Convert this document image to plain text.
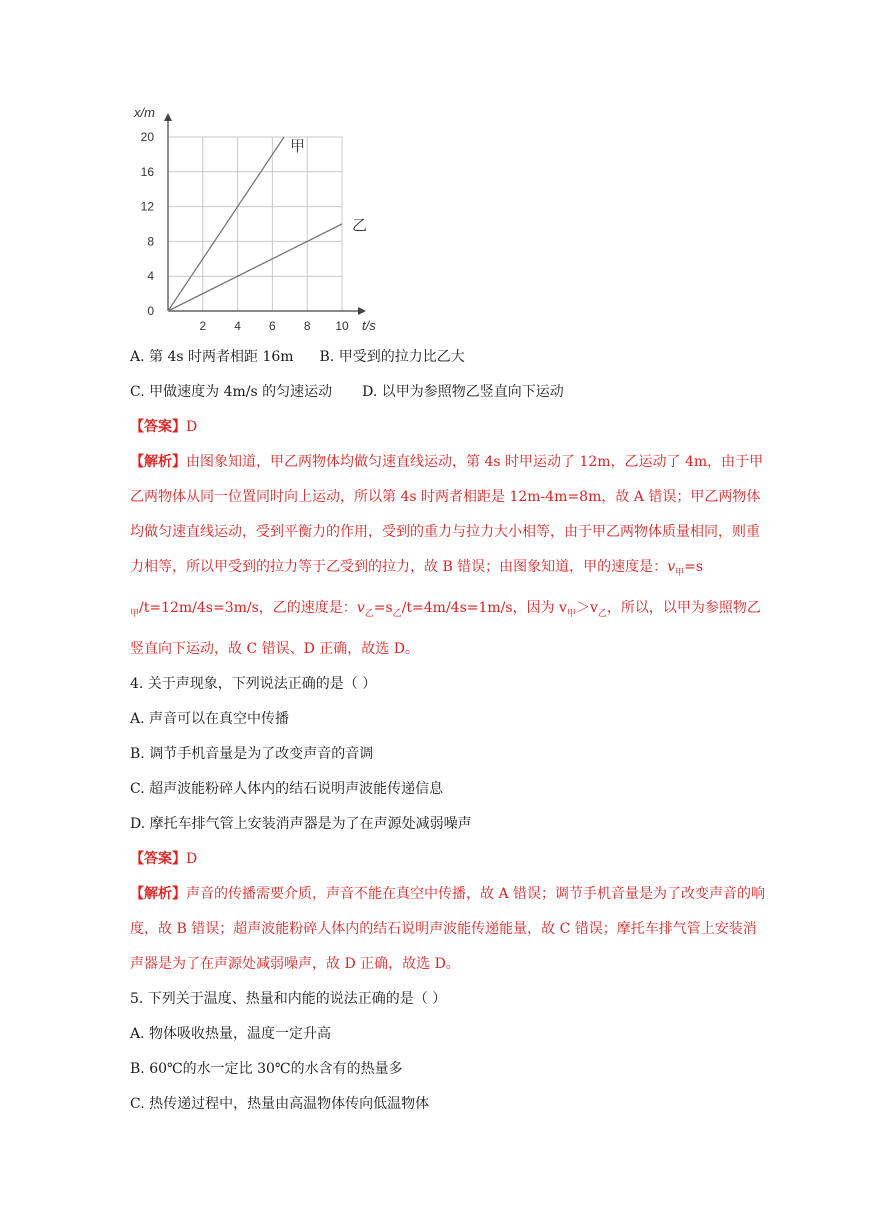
0
4
8
12
16
20
2 4 6 8 10
甲
乙
t/s
x/m
A. 第 4s 时两者相距 16m B. 甲受到的拉力比乙大
C. 甲做速度为 4m/s 的匀速运动 D. 以甲为参照物乙竖直向下运动
【答案】D
【解析】由图象知道，甲乙两物体均做匀速直线运动，第 4s 时甲运动了 12m，乙运动了 4m，由于甲乙两物体从同一位置同时向上运动，所以第 4s 时两者相距是 12m-4m=8m，故 A 错误；甲乙两物体均做匀速直线运动，受到平衡力的作用，受到的重力与拉力大小相等，由于甲乙两物体质量相同，则重力相等，所以甲受到的拉力等于乙受到的拉力，故 B 错误；由图象知道，甲的速度是：$v_甲=s_甲/t=12m/4s=3m/s$，乙的速度是：$v_乙=s_乙/t=4m/4s=1m/s$，因为 $v_甲>v_乙$，所以，以甲为参照物乙竖直向下运动，故 C 错误、D 正确，故选 D。
4. 关于声现象，下列说法正确的是（ ）
A. 声音可以在真空中传播
B. 调节手机音量是为了改变声音的音调
C. 超声波能粉碎人体内的结石说明声波能传递信息
D. 摩托车排气管上安装消声器是为了在声源处减弱噪声
【答案】D
【解析】声音的传播需要介质，声音不能在真空中传播，故 A 错误；调节手机音量是为了改变声音的响度，故 B 错误；超声波能粉碎人体内的结石说明声波能传递能量，故 C 错误；摩托车排气管上安装消声器是为了在声源处减弱噪声，故 D 正确，故选 D。
5. 下列关于温度、热量和内能的说法正确的是（ ）
A. 物体吸收热量，温度一定升高
B. 60℃的水一定比 30℃的水含有的热量多
C. 热传递过程中，热量由高温物体传向低温物体
